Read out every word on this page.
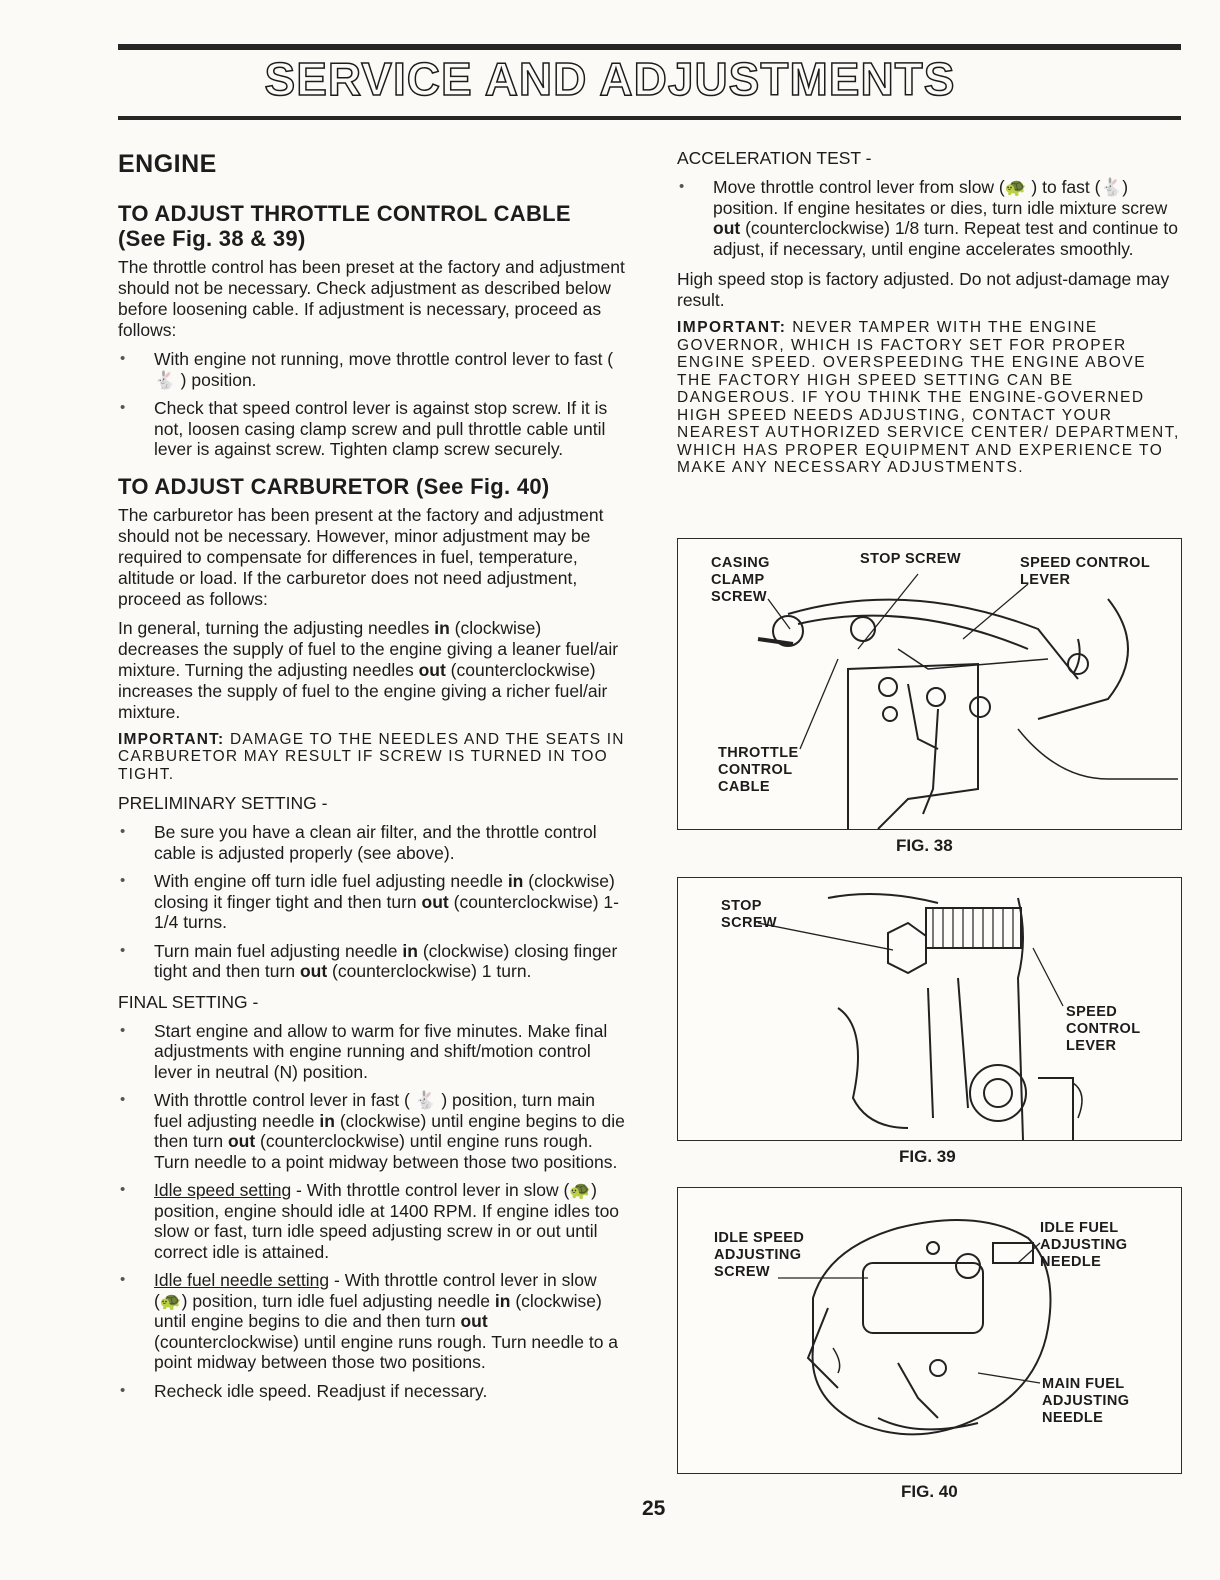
SERVICE AND ADJUSTMENTS
ENGINE
TO ADJUST THROTTLE CONTROL CABLE
(See Fig. 38 & 39)

The throttle control has been preset at the factory and adjustment should not be necessary. Check adjustment as described below before loosening cable. If adjustment is necessary, proceed as follows:

• With engine not running, move throttle control lever to fast ( 🐇 ) position.
• Check that speed control lever is against stop screw. If it is not, loosen casing clamp screw and pull throttle cable until lever is against screw. Tighten clamp screw securely.
TO ADJUST CARBURETOR (See Fig. 40)

The carburetor has been present at the factory and adjustment should not be necessary. However, minor adjustment may be required to compensate for differences in fuel, temperature, altitude or load. If the carburetor does not need adjustment, proceed as follows:

In general, turning the adjusting needles in (clockwise) decreases the supply of fuel to the engine giving a leaner fuel/air mixture. Turning the adjusting needles out (counterclockwise) increases the supply of fuel to the engine giving a richer fuel/air mixture.

IMPORTANT: DAMAGE TO THE NEEDLES AND THE SEATS IN CARBURETOR MAY RESULT IF SCREW IS TURNED IN TOO TIGHT.

PRELIMINARY SETTING -
• Be sure you have a clean air filter, and the throttle control cable is adjusted properly (see above).
• With engine off turn idle fuel adjusting needle in (clockwise) closing it finger tight and then turn out (counterclockwise) 1-1/4 turns.
• Turn main fuel adjusting needle in (clockwise) closing finger tight and then turn out (counterclockwise) 1 turn.
FINAL SETTING -
• Start engine and allow to warm for five minutes. Make final adjustments with engine running and shift/motion control lever in neutral (N) position.
• With throttle control lever in fast ( 🐇 ) position, turn main fuel adjusting needle in (clockwise) until engine begins to die then turn out (counterclockwise) until engine runs rough. Turn needle to a point midway between those two positions.
• Idle speed setting - With throttle control lever in slow (🐢) position, engine should idle at 1400 RPM. If engine idles too slow or fast, turn idle speed adjusting screw in or out until correct idle is attained.
• Idle fuel needle setting - With throttle control lever in slow (🐢) position, turn idle fuel adjusting needle in (clockwise) until engine begins to die and then turn out (counterclockwise) until engine runs rough. Turn needle to a point midway between those two positions.
• Recheck idle speed. Readjust if necessary.
ACCELERATION TEST -
• Move throttle control lever from slow (🐢 ) to fast (🐇) position. If engine hesitates or dies, turn idle mixture screw out (counterclockwise) 1/8 turn. Repeat test and continue to adjust, if necessary, until engine accelerates smoothly.

High speed stop is factory adjusted. Do not adjust-damage may result.

IMPORTANT: NEVER TAMPER WITH THE ENGINE GOVERNOR, WHICH IS FACTORY SET FOR PROPER ENGINE SPEED. OVERSPEEDING THE ENGINE ABOVE THE FACTORY HIGH SPEED SETTING CAN BE DANGEROUS. IF YOU THINK THE ENGINE-GOVERNED HIGH SPEED NEEDS ADJUSTING, CONTACT YOUR NEAREST AUTHORIZED SERVICE CENTER/ DEPARTMENT, WHICH HAS PROPER EQUIPMENT AND EXPERIENCE TO MAKE ANY NECESSARY ADJUSTMENTS.

CASING
CLAMP
SCREW
STOP SCREW	SPEED CONTROL
LEVER
THROTTLE
CONTROL
CABLE
FIG. 38
STOP
SCREW
SPEED
CONTROL
LEVER
FIG. 39
IDLE SPEED
ADJUSTING
SCREW
IDLE FUEL
ADJUSTING
NEEDLE
MAIN FUEL
ADJUSTING
NEEDLE
FIG. 40
25
